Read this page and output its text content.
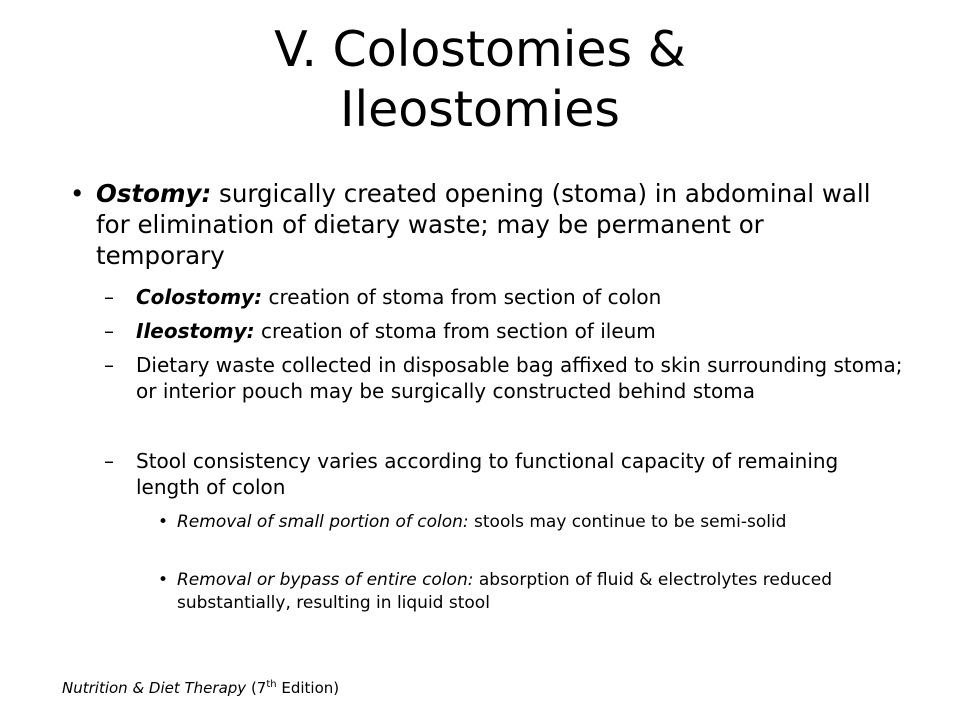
V. Colostomies &
Ileostomies
• Ostomy: surgically created opening (stoma) in abdominal wall for elimination of dietary waste; may be permanent or temporary
– Colostomy: creation of stoma from section of colon
– Ileostomy: creation of stoma from section of ileum
– Dietary waste collected in disposable bag affixed to skin surrounding stoma; or interior pouch may be surgically constructed behind stoma
– Stool consistency varies according to functional capacity of remaining length of colon
• Removal of small portion of colon: stools may continue to be semi-solid
• Removal or bypass of entire colon: absorption of fluid & electrolytes reduced substantially, resulting in liquid stool
Nutrition & Diet Therapy (7th Edition)
